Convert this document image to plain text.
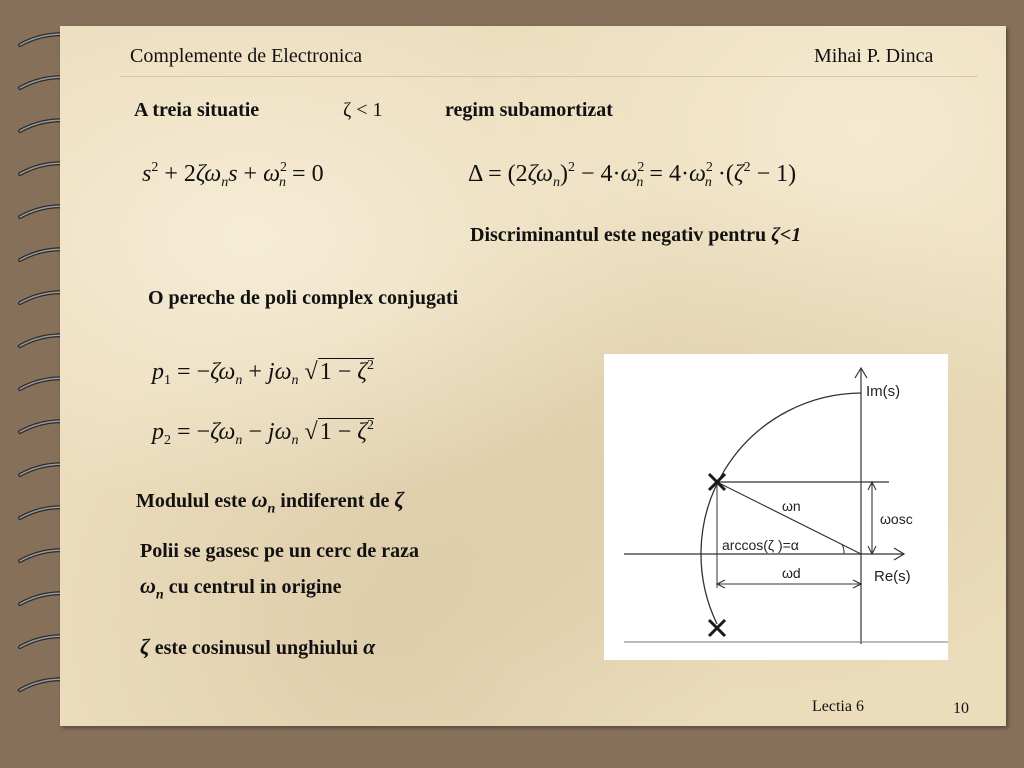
Complemente de Electronica	Mihai P. Dinca
A treia situatie	ζ < 1	regim subamortizat
$s^2 + 2\zeta\omega_ns + \omega^2_n = 0$	$\Delta = (2\zeta\omega_n)^2 - 4\cdot\omega^2_n = 4\cdot\omega^2_n \cdot(\zeta^2 - 1)$
Discriminantul este negativ pentru ζ<1
O pereche de poli complex conjugati
$p_1 = -\zeta\omega_n + j\omega_n$ $√1 - \zeta^2$
$p_2 = -\zeta\omega_n - j\omega_n$ $√1 - \zeta^2$
Modulul este $\omega_n$ indiferent de ζ
Polii se gasesc pe un cerc de raza
$\omega_n$ cu centrul in origine
ζ este cosinusul unghiului α
Im(s)
Re(s)
ωn
ωosc
ωd
arccos(ζ )=α
Lectia 6	10
